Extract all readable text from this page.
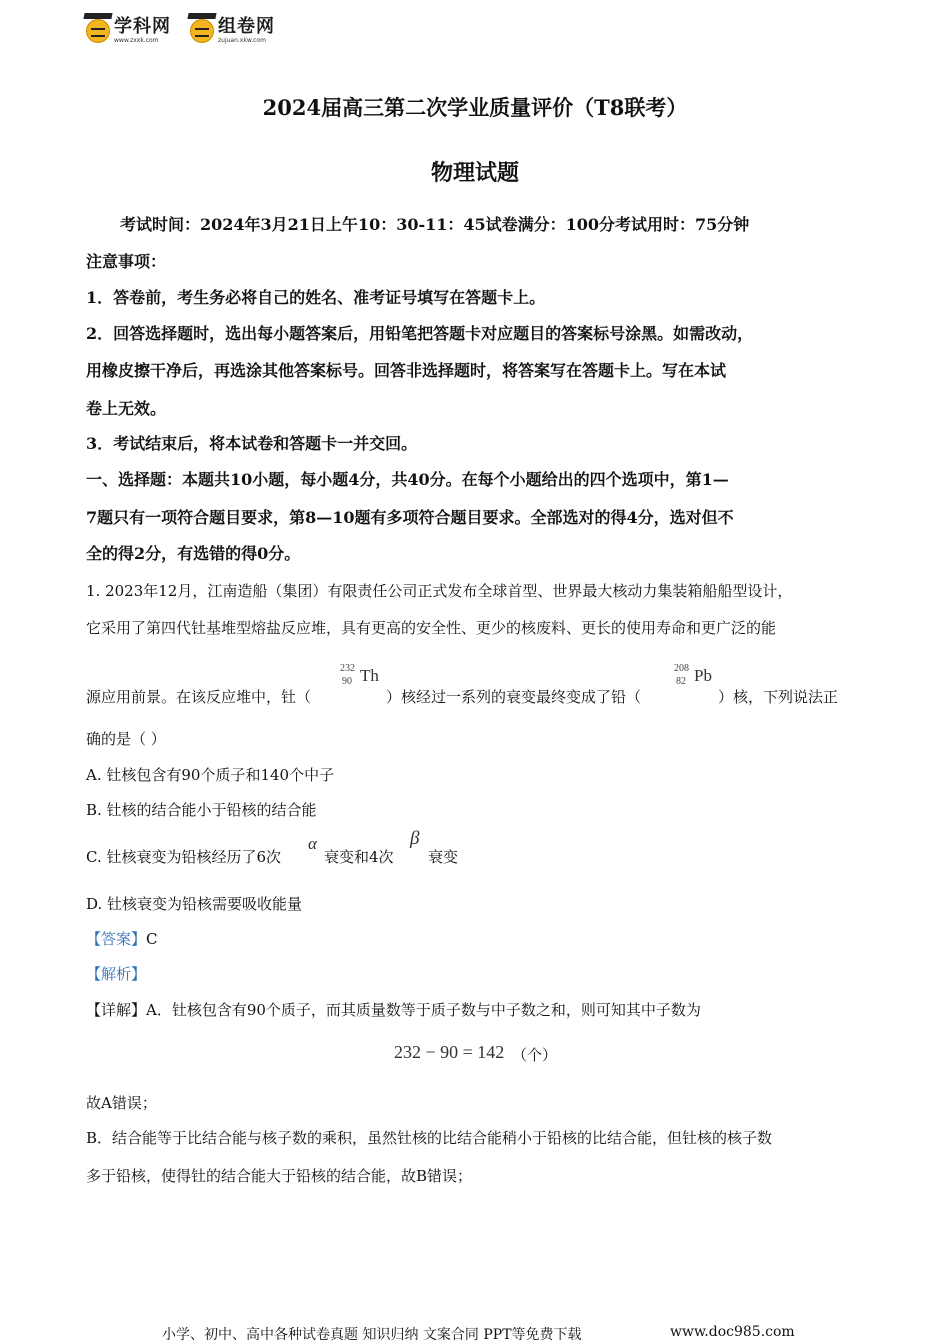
学科网
www.zxxk.com
组卷网
zujuan.xkw.com
2024届高三第二次学业质量评价（T8联考）
物理试题
考试时间：2024年3月21日上午10：30-11：45试卷满分：100分考试用时：75分钟
注意事项：
1．答卷前，考生务必将自己的姓名、准考证号填写在答题卡上。
2．回答选择题时，选出每小题答案后，用铅笔把答题卡对应题目的答案标号涂黑。如需改动，
用橡皮擦干净后，再选涂其他答案标号。回答非选择题时，将答案写在答题卡上。写在本试
卷上无效。
3．考试结束后，将本试卷和答题卡一并交回。
一、选择题：本题共10小题，每小题4分，共40分。在每个小题给出的四个选项中，第1—
7题只有一项符合题目要求，第8—10题有多项符合题目要求。全部选对的得4分，选对但不
全的得2分，有选错的得0分。
1. 2023年12月，江南造船（集团）有限责任公司正式发布全球首型、世界最大核动力集装箱船船型设计，
它采用了第四代钍基堆型熔盐反应堆，具有更高的安全性、更少的核废料、更长的使用寿命和更广泛的能
232
90 Th	208
82 Pb
源应用前景。在该反应堆中，钍（	）核经过一系列的衰变最终变成了铅（	）核，下列说法正
确的是（ ）
A. 钍核包含有90个质子和140个中子
B. 钍核的结合能小于铅核的结合能
C. 钍核衰变为铅核经历了6次
α
衰变和4次
β
衰变
D. 钍核衰变为铅核需要吸收能量
【答案】C
【解析】
【详解】A．钍核包含有90个质子，而其质量数等于质子数与中子数之和，则可知其中子数为
232 − 90 = 142 （个）
故A错误；
B．结合能等于比结合能与核子数的乘积，虽然钍核的比结合能稍小于铅核的比结合能，但钍核的核子数
多于铅核，使得钍的结合能大于铅核的结合能，故B错误；
小学、初中、高中各种试卷真题 知识归纳 文案合同 PPT等免费下载	www.doc985.com
